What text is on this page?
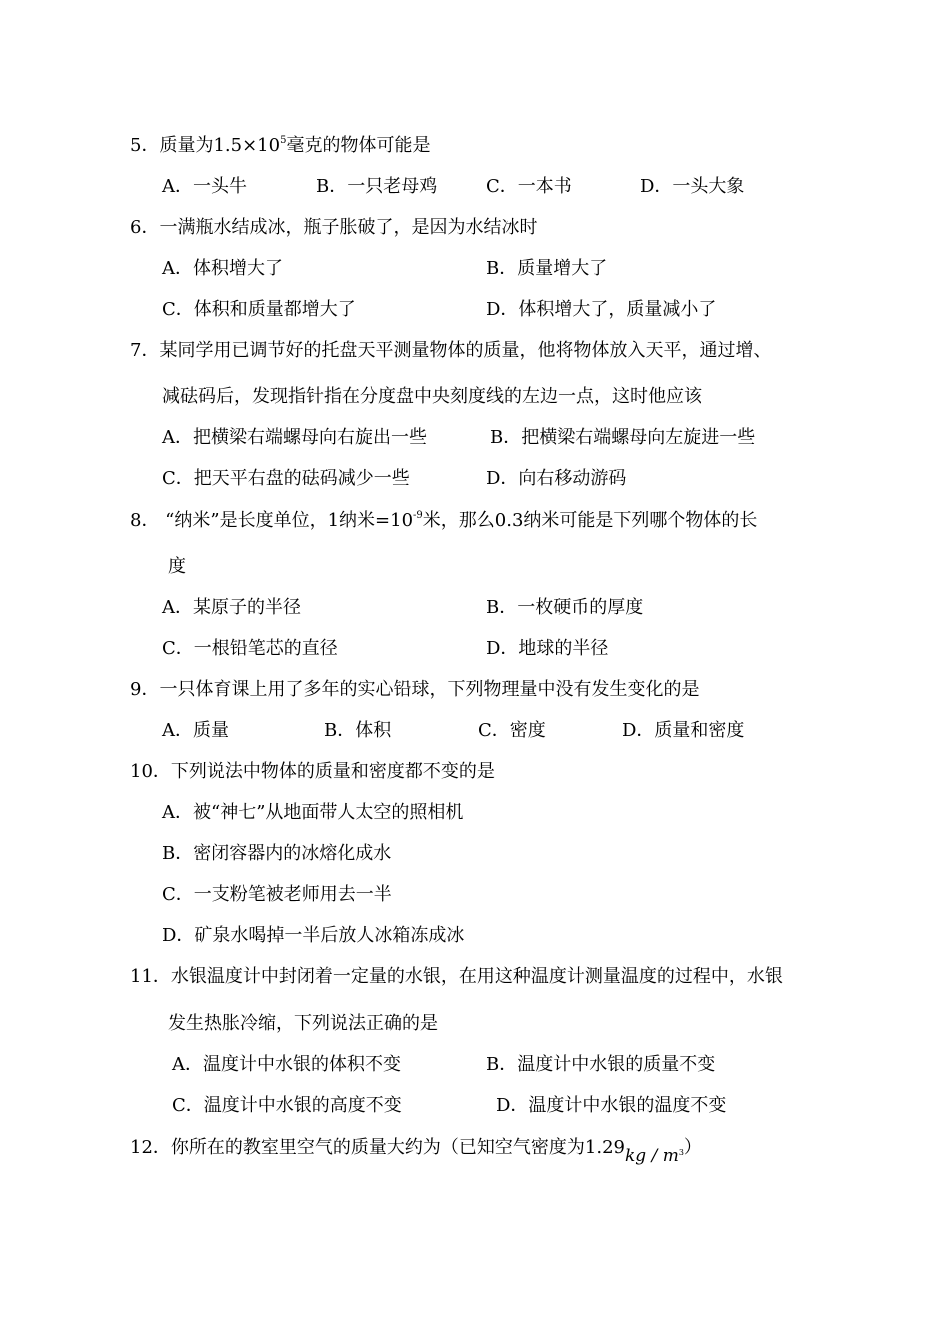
5．质量为$1.5\times 10^5$毫克的物体可能是
A．一头牛	B．一只老母鸡	C．一本书	D．一头大象
6．一满瓶水结成冰，瓶子胀破了，是因为水结冰时
A．体积增大了	B．质量增大了
C．体积和质量都增大了	D．体积增大了，质量减小了
7．某同学用已调节好的托盘天平测量物体的质量，他将物体放入天平，通过增、
减砝码后，发现指针指在分度盘中央刻度线的左边一点，这时他应该
A．把横梁右端螺母向右旋出一些	B．把横梁右端螺母向左旋进一些
C．把天平右盘的砝码减少一些	D．向右移动游码
8． “纳米”是长度单位，1纳米$=10^{-9}$米，那么0.3纳米可能是下列哪个物体的长
度
A．某原子的半径	B．一枚硬币的厚度
C．一根铅笔芯的直径	D．地球的半径
9．一只体育课上用了多年的实心铅球，下列物理量中没有发生变化的是
A．质量	B．体积	C．密度	D．质量和密度
10．下列说法中物体的质量和密度都不变的是
A．被“神七”从地面带人太空的照相机
B．密闭容器内的冰熔化成水
C．一支粉笔被老师用去一半
D．矿泉水喝掉一半后放人冰箱冻成冰
11．水银温度计中封闭着一定量的水银，在用这种温度计测量温度的过程中，水银
发生热胀冷缩，下列说法正确的是
A．温度计中水银的体积不变	B．温度计中水银的质量不变
C．温度计中水银的高度不变	D．温度计中水银的温度不变
12．你所在的教室里空气的质量大约为（已知空气密度为1.29kg / m3）
